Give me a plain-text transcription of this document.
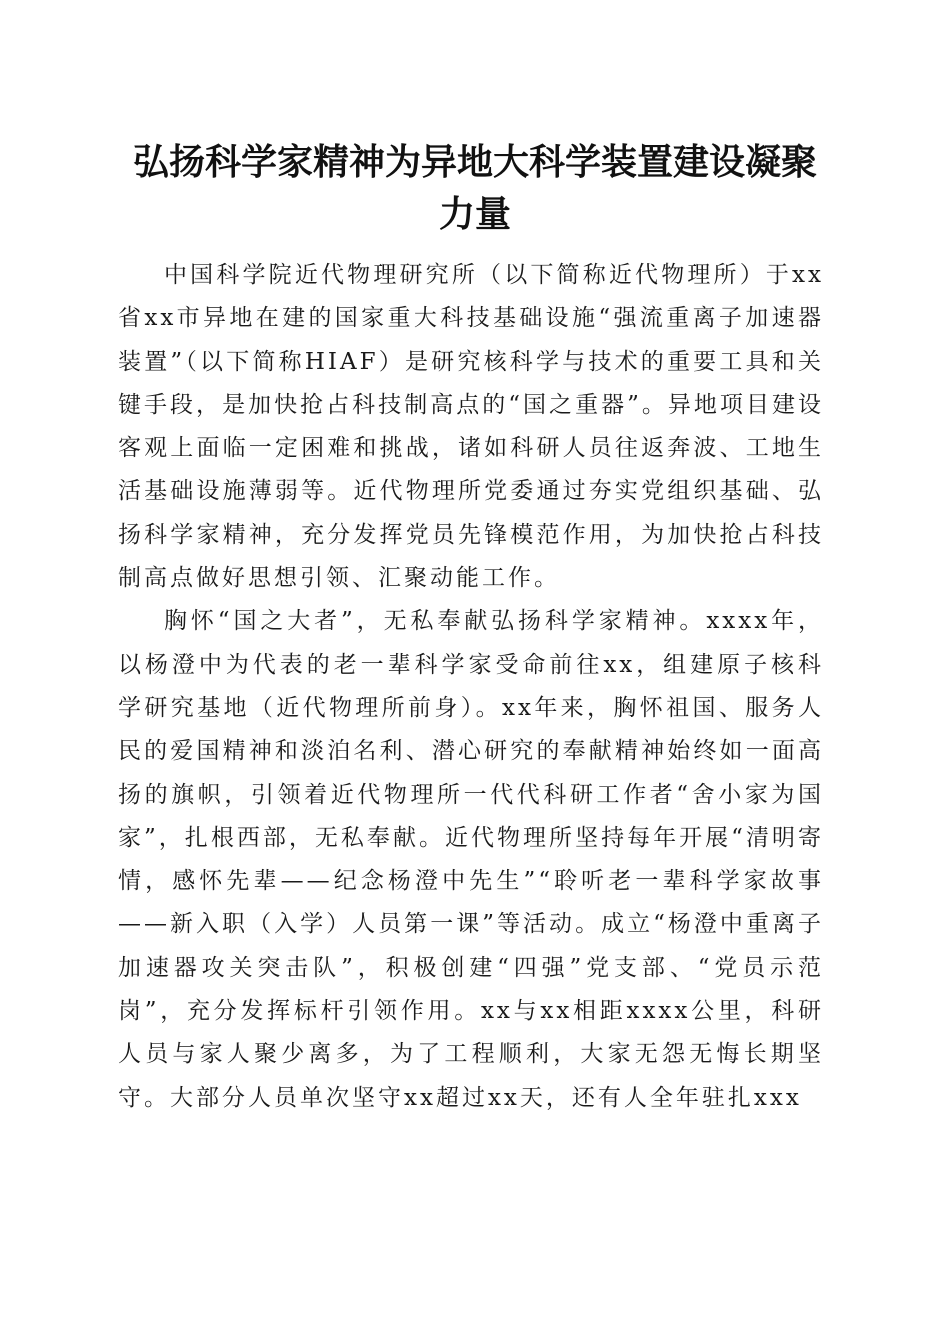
弘扬科学家精神为异地大科学装置建设凝聚力量

中国科学院近代物理研究所（以下简称近代物理所）于xx省xx市异地在建的国家重大科技基础设施“强流重离子加速器装置”（以下简称HIAF）是研究核科学与技术的重要工具和关键手段，是加快抢占科技制高点的“国之重器”。异地项目建设客观上面临一定困难和挑战，诸如科研人员往返奔波、工地生活基础设施薄弱等。近代物理所党委通过夯实党组织基础、弘扬科学家精神，充分发挥党员先锋模范作用，为加快抢占科技制高点做好思想引领、汇聚动能工作。

胸怀“国之大者”，无私奉献弘扬科学家精神。xxxx年，以杨澄中为代表的老一辈科学家受命前往xx，组建原子核科学研究基地（近代物理所前身）。xx年来，胸怀祖国、服务人民的爱国精神和淡泊名利、潜心研究的奉献精神始终如一面高扬的旗帜，引领着近代物理所一代代科研工作者“舍小家为国家”，扎根西部，无私奉献。近代物理所坚持每年开展“清明寄情，感怀先辈——纪念杨澄中先生”“聆听老一辈科学家故事——新入职（入学）人员第一课”等活动。成立“杨澄中重离子加速器攻关突击队”，积极创建“四强”党支部、“党员示范岗”，充分发挥标杆引领作用。xx与xx相距xxxx公里，科研人员与家人聚少离多，为了工程顺利，大家无怨无悔长期坚守。大部分人员单次坚守xx超过xx天，还有人全年驻扎xxx
